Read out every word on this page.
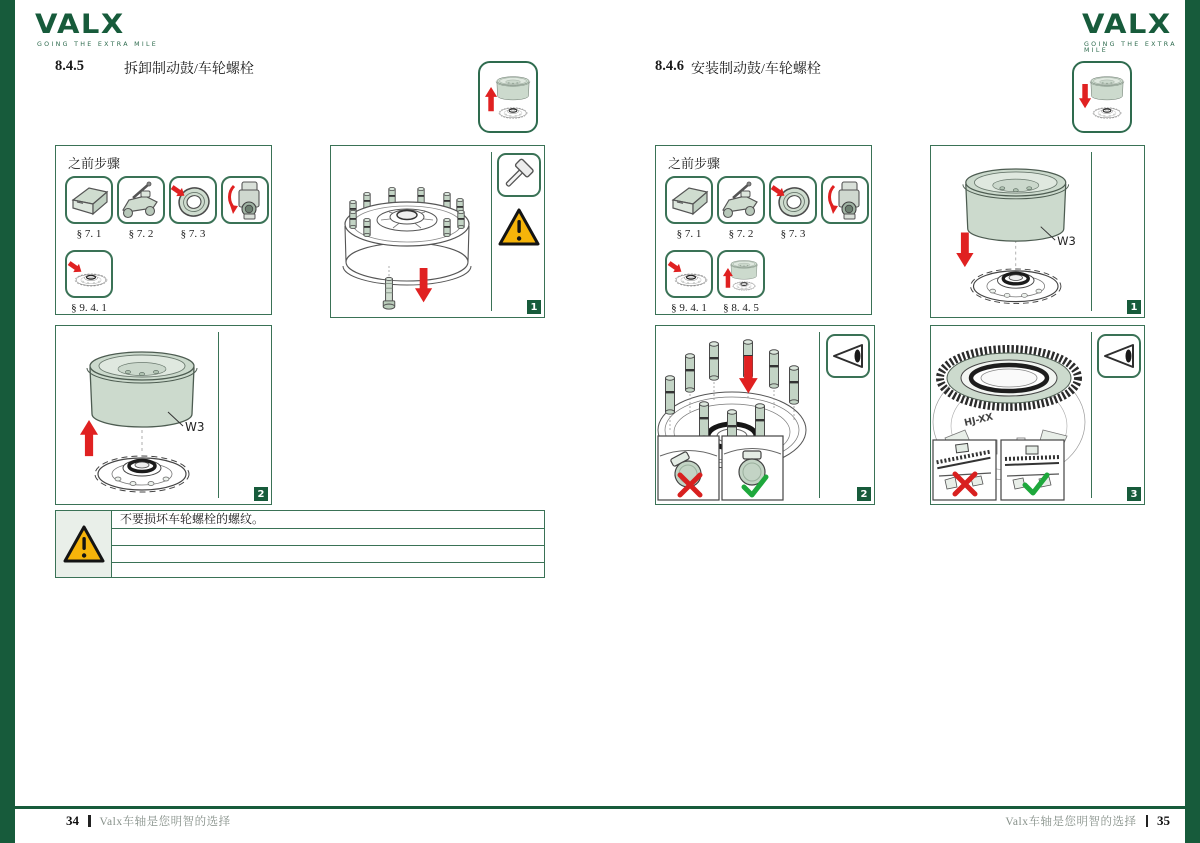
VALX
GOING THE EXTRA MILE
VALX
GOING THE EXTRA MILE
8.4.5	拆卸制动鼓/车轮螺栓	8.4.6 安装制动鼓/车轮螺栓
之前步骤
§ 7. 1	§ 7. 2	§ 7. 3
§ 9. 4. 1	1
W3
2
不要损坏车轮螺栓的螺纹。
之前步骤
§ 7. 1	§ 7. 2	§ 7. 3
§ 9. 4. 1	§ 8. 4. 5
W3
1
2
HJ-XX
3
34 Valx车轴是您明智的选择	Valx车轴是您明智的选择 35
